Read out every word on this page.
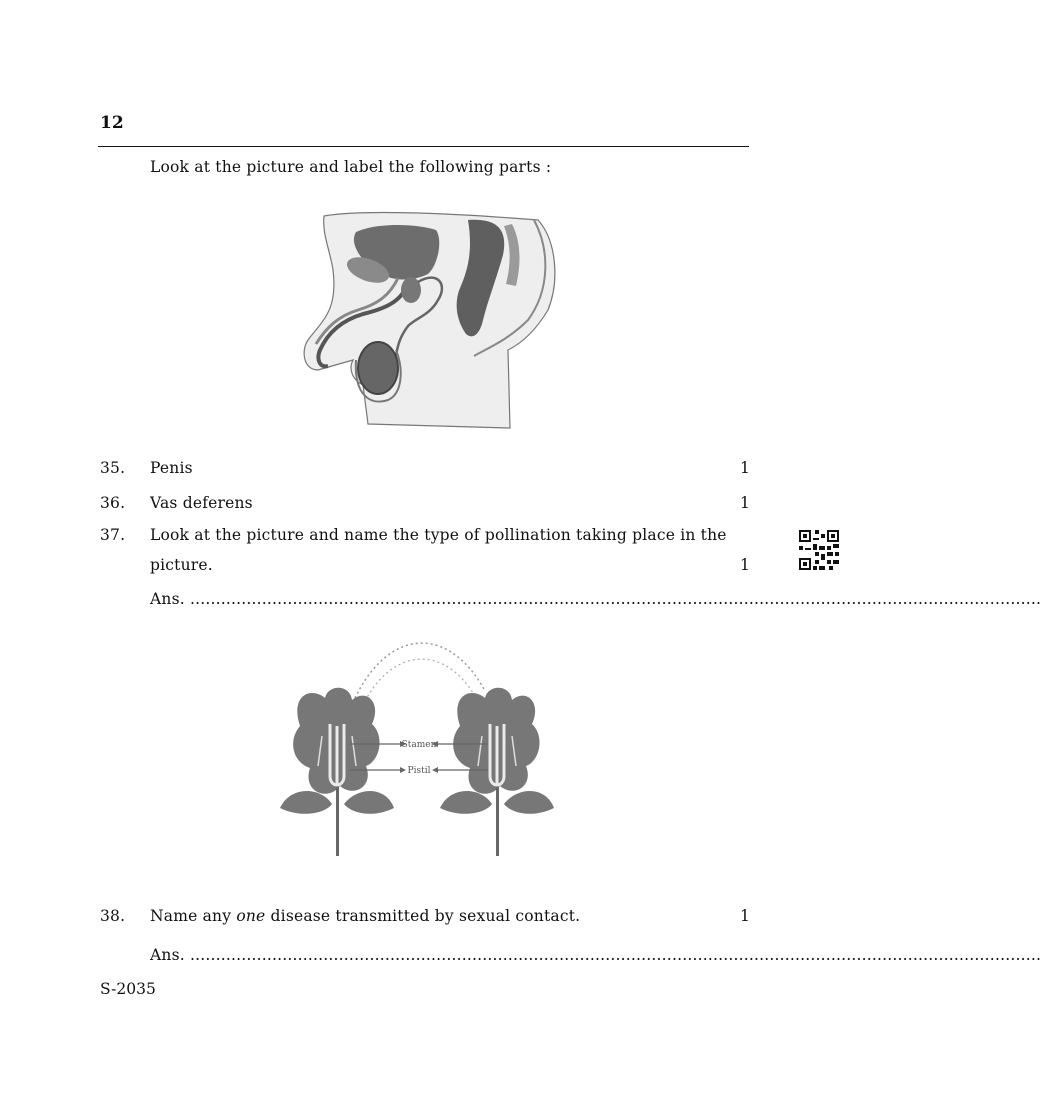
12
Look at the picture and label the following parts :
35. Penis	1
36. Vas deferens	1
37. Look at the picture and name the type of pollination taking place in the
picture.	1
Ans. ......................................................................................................................................................................
Stamen
Pistil
38. Name any one disease transmitted by sexual contact.	1
Ans. ......................................................................................................................................................................
S-2035
